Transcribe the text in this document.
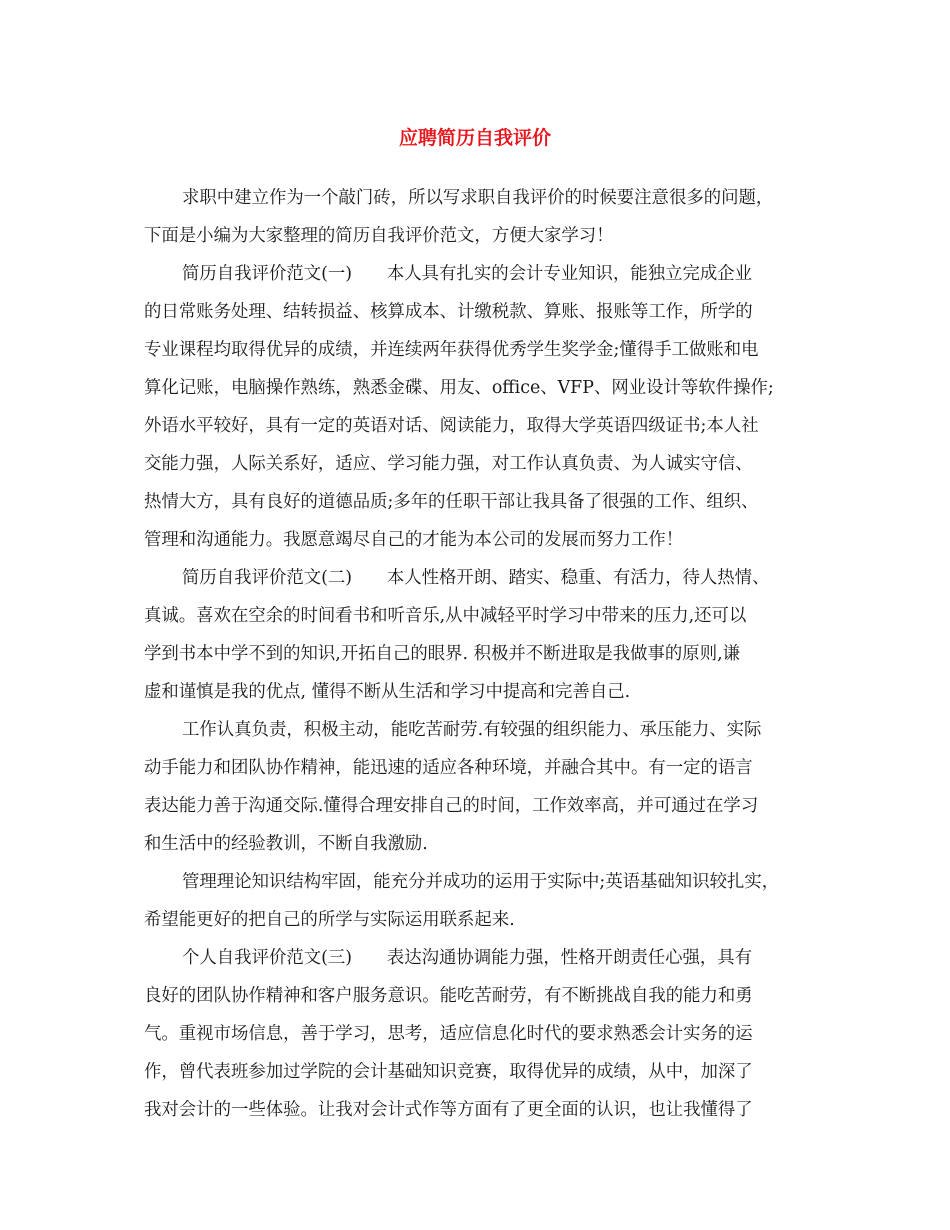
应聘简历自我评价
求职中建立作为一个敲门砖，所以写求职自我评价的时候要注意很多的问题，
下面是小编为大家整理的简历自我评价范文，方便大家学习！
简历自我评价范文(一)　　本人具有扎实的会计专业知识，能独立完成企业
的日常账务处理、结转损益、核算成本、计缴税款、算账、报账等工作，所学的
专业课程均取得优异的成绩，并连续两年获得优秀学生奖学金;懂得手工做账和电
算化记账，电脑操作熟练，熟悉金碟、用友、office、VFP、网业设计等软件操作;
外语水平较好，具有一定的英语对话、阅读能力，取得大学英语四级证书;本人社
交能力强，人际关系好，适应、学习能力强，对工作认真负责、为人诚实守信、
热情大方，具有良好的道德品质;多年的任职干部让我具备了很强的工作、组织、
管理和沟通能力。我愿意竭尽自己的才能为本公司的发展而努力工作！
简历自我评价范文(二)　　本人性格开朗、踏实、稳重、有活力，待人热情、
真诚。喜欢在空余的时间看书和听音乐,从中减轻平时学习中带来的压力,还可以
学到书本中学不到的知识,开拓自己的眼界. 积极并不断进取是我做事的原则,谦
虚和谨慎是我的优点, 懂得不断从生活和学习中提高和完善自己.
工作认真负责，积极主动，能吃苦耐劳.有较强的组织能力、承压能力、实际
动手能力和团队协作精神，能迅速的适应各种环境，并融合其中。有一定的语言
表达能力善于沟通交际.懂得合理安排自己的时间，工作效率高，并可通过在学习
和生活中的经验教训，不断自我激励.
管理理论知识结构牢固，能充分并成功的运用于实际中;英语基础知识较扎实，
希望能更好的把自己的所学与实际运用联系起来.
个人自我评价范文(三)　　表达沟通协调能力强，性格开朗责任心强，具有
良好的团队协作精神和客户服务意识。能吃苦耐劳，有不断挑战自我的能力和勇
气。重视市场信息，善于学习，思考，适应信息化时代的要求熟悉会计实务的运
作，曾代表班参加过学院的会计基础知识竞赛，取得优异的成绩，从中，加深了
我对会计的一些体验。让我对会计式作等方面有了更全面的认识，也让我懂得了
